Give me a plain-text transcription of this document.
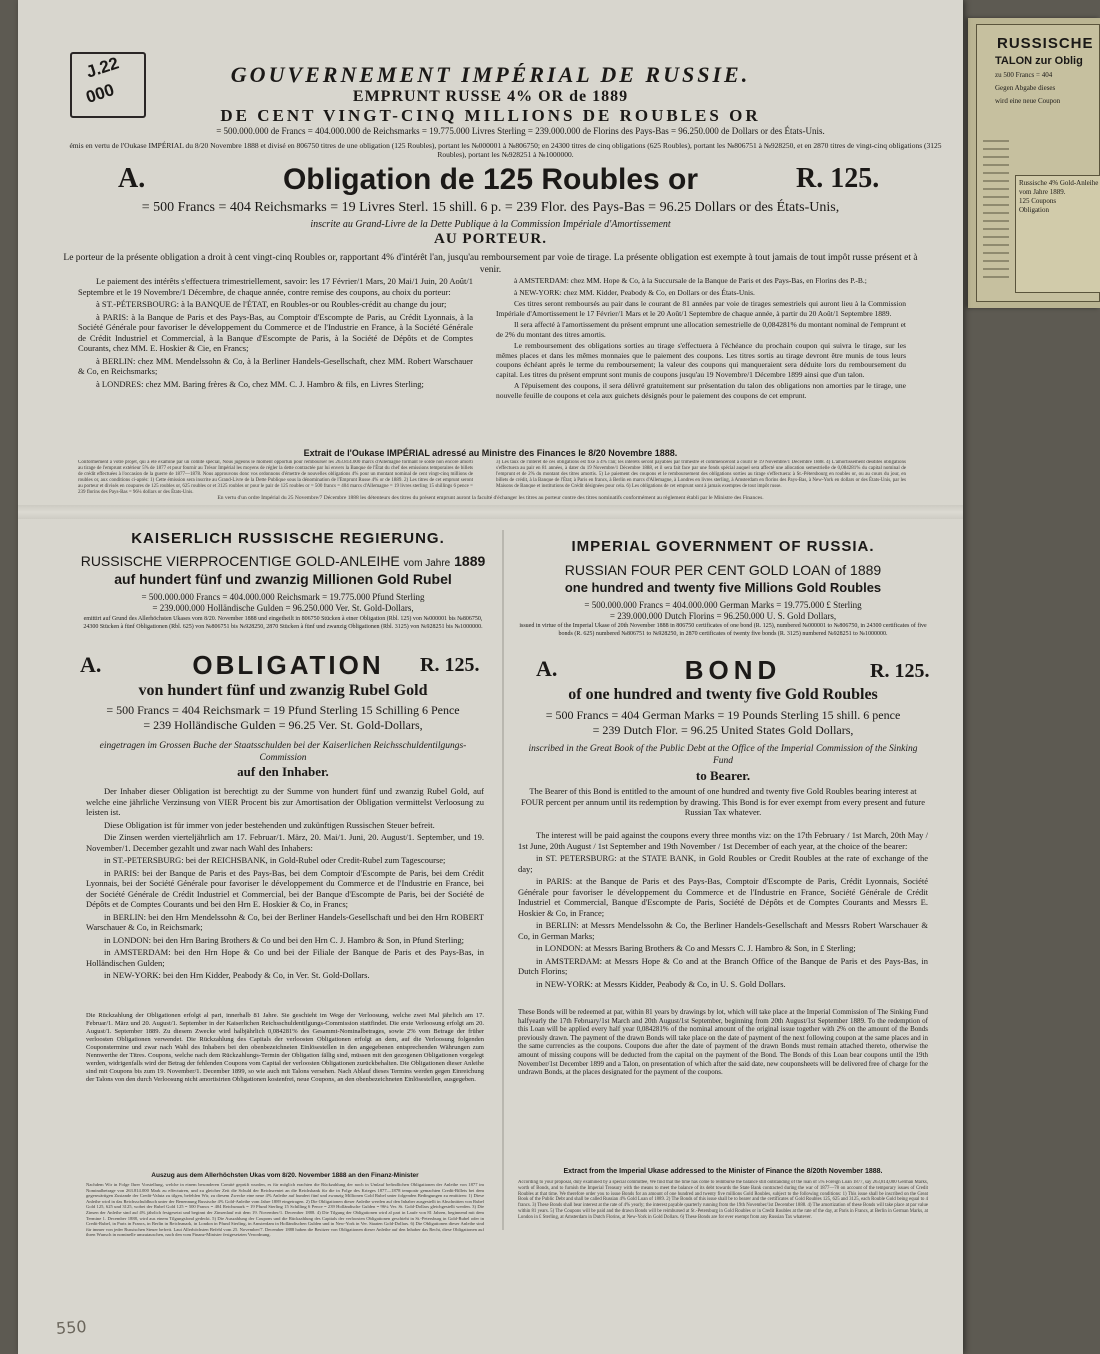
RUSSISCHE
TALON zur Oblig
zu 500 Francs = 404
Gegen Abgabe dieses
wird eine neue Coupon
Russische 4% Gold-Anleihe
vom Jahre 1889.
125 Coupons
Obligation
J.22
000
GOUVERNEMENT IMPÉRIAL DE RUSSIE.
EMPRUNT RUSSE 4% OR de 1889
DE CENT VINGT-CINQ MILLIONS DE ROUBLES OR
= 500.000.000 de Francs = 404.000.000 de Reichsmarks = 19.775.000 Livres Sterling = 239.000.000 de Florins des Pays-Bas = 96.250.000 de Dollars or des États-Unis.
émis en vertu de l'Oukase IMPÉRIAL du 8/20 Novembre 1888 et divisé en 806750 titres de une obligation (125 Roubles), portant les №000001 à №806750; en 24300 titres de cinq obligations (625 Roubles), portant les №806751 à №928250, et en 2870 titres de vingt-cinq obligations (3125 Roubles), portant les №928251 à №1000000.
A.	Obligation de 125 Roubles or	R. 125.
= 500 Francs = 404 Reichsmarks = 19 Livres Sterl. 15 shill. 6 p. = 239 Flor. des Pays-Bas = 96.25 Dollars or des États-Unis,
inscrite au Grand-Livre de la Dette Publique à la Commission Impériale d'Amortissement
AU PORTEUR.
Le porteur de la présente obligation a droit à cent vingt-cinq Roubles or, rapportant 4% d'intérêt l'an, jusqu'au remboursement par voie de tirage. La présente obligation est exempte à tout jamais de tout impôt russe présent et à venir.

Le paiement des intérêts s'effectuera trimestriellement, savoir: les 17 Février/1 Mars, 20 Mai/1 Juin, 20 Août/1 Septembre et le 19 Novembre/1 Décembre, de chaque année, contre remise des coupons, au choix du porteur:

à ST.-PÉTERSBOURG: à la BANQUE de l'ÉTAT, en Roubles-or ou Roubles-crédit au change du jour;

à PARIS: à la Banque de Paris et des Pays-Bas, au Comptoir d'Escompte de Paris, au Crédit Lyonnais, à la Société Générale pour favoriser le développement du Commerce et de l'Industrie en France, à la Société Générale de Crédit Industriel et Commercial, à la Banque d'Escompte de Paris, à la Société de Dépôts et de Comptes Courants, chez MM. E. Hoskier & Cie, en Francs;

à BERLIN: chez MM. Mendelssohn & Co, à la Berliner Handels-Gesellschaft, chez MM. Robert Warschauer & Co, en Reichsmarks;

à LONDRES: chez MM. Baring frères & Co, chez MM. C. J. Hambro & fils, en Livres Sterling;

à AMSTERDAM: chez MM. Hope & Co, à la Succursale de la Banque de Paris et des Pays-Bas, en Florins des P.-B.;

à NEW-YORK: chez MM. Kidder, Peabody & Co, en Dollars or des États-Unis.

Ces titres seront remboursés au pair dans le courant de 81 années par voie de tirages semestriels qui auront lieu à la Commission Impériale d'Amortissement le 17 Février/1 Mars et le 20 Août/1 Septembre de chaque année, à partir du 20 Août/1 Septembre 1889.

Il sera affecté à l'amortissement du présent emprunt une allocation semestrielle de 0,084281% du montant nominal de l'emprunt et de 2% du montant des titres amortis.

Le remboursement des obligations sorties au tirage s'effectuera à l'échéance du prochain coupon qui suivra le tirage, sur les mêmes places et dans les mêmes monnaies que le paiement des coupons. Les titres sortis au tirage devront être munis de tous leurs coupons échéant après le terme du remboursement; la valeur des coupons qui manqueraient sera déduite lors du remboursement du capital. Les titres du présent emprunt sont munis de coupons jusqu'au 19 Novembre/1 Décembre 1899 ainsi que d'un talon.

A l'épuisement des coupons, il sera délivré gratuitement sur présentation du talon des obligations non amorties par le tirage, une nouvelle feuille de coupons et cela aux guichets désignés pour le paiement des coupons de cet emprunt.

Extrait de l'Oukase IMPÉRIAL adressé au Ministre des Finances le 8/20 Novembre 1888.
Conformément à votre projet, qui a été examiné par un comité spécial, Nous jugeons le moment opportun pour rembourser les 263.814.000 marcs d'Allemagne formant le solde non encore amorti au tirage de l'emprunt extérieur 5% de 1877 et pour fournir au Trésor Impérial les moyens de régler la dette contractée par lui envers la Banque de l'État du chef des emissions temporaires de billets de crédit effectuées à l'occasion de la guerre de 1877—1878. Nous approuvons donc vos ordonnons d'émettre de nouvelles obligations 4% pour un montant nominal de cent vingt-cinq millions de roubles or, aux conditions ci-après: 1) Cette émission sera inscrite au Grand-Livre de la Dette Publique sous la dénomination de l'Emprunt Russe 4% or de 1889. 2) Les titres de cet emprunt seront au porteur et divisés en coupures de 125 roubles or, 625 roubles or et 3125 roubles or pour le pair de 125 roubles or = 500 francs = 404 marcs d'Allemagne = 19 livres sterling 15 shillings 6 pence = 239 florins des Pays-Bas = 96¼ dollars or des États-Unis.
3) Les taux de l'intérêt de ces obligations est fixé à 4% l'an; les intérêts seront payables par trimestre et commenceront à courir le 19 Novembre/1 Décembre 1888. 4) L'amortissement desdites obligations s'effectuera au pair en 81 années, à dater du 19 Novembre/1 Décembre 1888, et il sera fait face par une fonds spécial auquel sera affecté une allocation semestrielle de 0,084281% du capital nominal de l'emprunt et de 2% du montant des titres amortis. 5) Le paiement des coupons et le remboursement des obligations sorties au tirage s'effectuera: à St.-Pétersbourg en roubles or, ou au cours du jour, en billets de crédit, à la Banque de l'État; à Paris en francs, à Berlin en marcs d'Allemagne, à Londres en livres sterling, à Amsterdam en florins des Pays-Bas, à New-York en dollars or des États-Unis, par les Maisons de Banque et institutions de Crédit désignées pour cela. 6) Les obligations de cet emprunt sont à jamais exemptes de tout impôt russe.
En vertu d'un ordre Impérial du 25 Novembre/7 Décembre 1888 les détenteurs des titres du présent emprunt auront la faculté d'échanger les titres au porteur contre des titres nominatifs conformément au règlement établi par le Ministre des Finances.
KAISERLICH RUSSISCHE REGIERUNG.
RUSSISCHE VIERPROCENTIGE GOLD-ANLEIHE vom Jahre 1889
auf hundert fünf und zwanzig Millionen Gold Rubel
= 500.000.000 Francs = 404.000.000 Reichsmark = 19.775.000 Pfund Sterling
= 239.000.000 Holländische Gulden = 96.250.000 Ver. St. Gold-Dollars,
emittirt auf Grund des Allerhöchsten Ukases vom 8/20. November 1888 und eingetheilt in 806750 Stücken à einer Obligation (Rbl. 125) von №000001 bis №806750, 24300 Stücken à fünf Obligationen (Rbl. 625) von №806751 bis №928250, 2870 Stücken à fünf und zwanzig Obligationen (Rbl. 3125) von №928251 bis №1000000.
A.	OBLIGATION	R. 125.
von hundert fünf und zwanzig Rubel Gold
= 500 Francs = 404 Reichsmark = 19 Pfund Sterling 15 Schilling 6 Pence
= 239 Holländische Gulden = 96.25 Ver. St. Gold-Dollars,
eingetragen im Grossen Buche der Staatsschulden bei der Kaiserlichen Reichsschuldentilgungs-Commission
auf den Inhaber.

Der Inhaber dieser Obligation ist berechtigt zu der Summe von hundert fünf und zwanzig Rubel Gold, auf welche eine jährliche Verzinsung von VIER Procent bis zur Amortisation der Obligation vermittelst Verloosung zu leisten ist.

Diese Obligation ist für immer von jeder bestehenden und zukünftigen Russischen Steuer befreit.

Die Zinsen werden vierteljährlich am 17. Februar/1. März, 20. Mai/1. Juni, 20. August/1. September, und 19. November/1. December gezahlt und zwar nach Wahl des Inhabers:

in ST.-PETERSBURG: bei der REICHSBANK, in Gold-Rubel oder Credit-Rubel zum Tagescourse;

in PARIS: bei der Banque de Paris et des Pays-Bas, bei dem Comptoir d'Escompte de Paris, bei dem Crédit Lyonnais, bei der Société Générale pour favoriser le développement du Commerce et de l'Industrie en France, bei der Société Générale de Crédit Industriel et Commercial, bei der Banque d'Escompte de Paris, bei der Société de Dépôts et de Comptes Courants und bei den Hrn E. Hoskier & Co, in Francs;

in BERLIN: bei den Hrn Mendelssohn & Co, bei der Berliner Handels-Gesellschaft und bei den Hrn ROBERT Warschauer & Co, in Reichsmark;

in LONDON: bei den Hrn Baring Brothers & Co und bei den Hrn C. J. Hambro & Son, in Pfund Sterling;

in AMSTERDAM: bei den Hrn Hope & Co und bei der Filiale der Banque de Paris et des Pays-Bas, in Holländischen Gulden;

in NEW-YORK: bei den Hrn Kidder, Peabody & Co, in Ver. St. Gold-Dollars.

Die Rückzahlung der Obligationen erfolgt al pari, innerhalb 81 Jahre. Sie geschieht im Wege der Verloosung, welche zwei Mal jährlich am 17. Februar/1. März und 20. August/1. September in der Kaiserlichen Reichsschuldentilgungs-Commission stattfindet. Die erste Verloosung erfolgt am 20. August/1. September 1889. Zu diesem Zwecke wird halbjährlich 0,084281% des Gesammt-Nominalbetrages, sowie 2% vom Betrage der früher verloosten Obligationen verwendet. Die Rückzahlung des Capitals der verloosten Obligationen erfolgt an dem, auf die Verloosung folgenden Couponstermine und zwar nach Wahl des Inhabers bei den obenbezeichneten Einlösestellen in den angegebenen entsprechenden Währungen zum Nennwerthe der Titres. Coupons, welche nach dem Rückzahlungs-Termin der Obligation fällig sind, müssen mit den gezogenen Obligationen vorgelegt werden, widrigenfalls wird der Betrag der fehlenden Coupons vom Capital der verloosten Obligationen zurückbehalten. Die Obligationen dieser Anleihe sind mit Coupons bis zum 19. November/1. December 1899, so wie auch mit Talons versehen. Nach Ablauf dieses Termins werden gegen Einreichung der Talons von den durch Verloosung nicht amortisirten Obligationen kostenfrei, neue Coupons, an den obenbezeichneten Einlösestellen, ausgegeben.
Auszug aus dem Allerhöchsten Ukas vom 8/20. November 1888 an den Finanz-Minister
Nachdem Wir in Folge Ihrer Vorstellung, welche in einem besonderen Comité geprüft wurden, es für möglich erachten die Rückzahlung der noch in Umlauf befindlichen Obligationen der Anleihe von 1877 im Nominalbetrage von 263.814.000 Mark zu effectuiren, und zu gleicher Zeit die Schuld der Reichsrentei an die Reichsbank für die in Folge des Krieges 1877—1878 temporär gemachten Credit-Billets bei dem gegenwärtigen Zustande der Credit-Valuta zu tilgen, befehlen Wir, zu diesem Zwecke eine neue 4% Anleihe auf hundert fünf und zwanzig Millionen Gold Rubel unter folgenden Bedingungen zu emittiren: 1) Diese Anleihe wird in das Reichsschuldbuch unter der Benennung Russische 4% Gold-Anleihe vom Jahre 1889 eingetragen. 2) Die Obligationen dieser Anleihe werden auf den Inhaber ausgestellt in Abschnitten von Rubel Gold 125, 625 und 3125, wobei der Rubel Gold 125 = 500 Francs = 404 Reichsmark = 19 Pfund Sterling 15 Schilling 6 Pence = 239 Holländische Gulden = 96¼ Ver. St. Gold-Dollars gleichgestellt werden. 3) Die Zinsen der Anleihe sind auf 4% jährlich festgesetzt und beginnt der Zinsenlauf mit dem 19. November/1. December 1888. 4) Die Tilgung der Obligationen wird al pari in Laufe von 81 Jahren, beginnend mit dem Termine 1. December 1888, wird aus einem Tilgungsfond gedeckt. 5) Die Auszahlung der Coupons und die Rückzahlung des Capitals der verloosten Obligationen geschieht in St.-Petersburg in Gold-Rubel oder in Credit-Rubel, in Paris in Francs, in Berlin in Reichsmark, in London in Pfund Sterling, in Amsterdam in Holländischen Gulden und in New-York in Ver. Staaten Gold-Dollars. 6) Die Obligationen dieser Anleihe sind für immer von jeder Russischen Steuer befreit. Laut Allerhöchsten Befehl vom 25. November/7. December 1888 haben die Besitzer von Obligationen dieser Anleihe auf den Inhaber das Recht, diese Obligationen auf ihren Wunsch in nominelle umzutauschen, nach den vom Finanz-Minister festgesetzten Verordnung.
IMPERIAL GOVERNMENT OF RUSSIA.
RUSSIAN FOUR PER CENT GOLD LOAN of 1889
one hundred and twenty five Millions Gold Roubles
= 500.000.000 Francs = 404.000.000 German Marks = 19.775.000 £ Sterling
= 239.000.000 Dutch Florins = 96.250.000 U. S. Gold Dollars,
issued in virtue of the Imperial Ukase of 20th November 1888 in 806750 certificates of one bond (R. 125), numbered №000001 to №806750, in 24300 certificates of five bonds (R. 625) numbered №806751 to №928250, in 2870 certificates of twenty five bonds (R. 3125) numbered №928251 to №1000000.
A.	BOND	R. 125.
of one hundred and twenty five Gold Roubles
= 500 Francs = 404 German Marks = 19 Pounds Sterling 15 shill. 6 pence
= 239 Dutch Flor. = 96.25 United States Gold Dollars,
inscribed in the Great Book of the Public Debt at the Office of the Imperial Commission of the Sinking Fund
to Bearer.
The Bearer of this Bond is entitled to the amount of one hundred and twenty five Gold Roubles bearing interest at FOUR percent per annum until its redemption by drawing. This Bond is for ever exempt from every present and future Russian Tax whatever.

The interest will be paid against the coupons every three months viz: on the 17th February / 1st March, 20th May / 1st June, 20th August / 1st September and 19th November / 1st December of each year, at the choice of the bearer:

in ST. PETERSBURG: at the STATE BANK, in Gold Roubles or Credit Roubles at the rate of exchange of the day;

in PARIS: at the Banque de Paris et des Pays-Bas, Comptoir d'Escompte de Paris, Crédit Lyonnais, Société Générale pour favoriser le développement du Commerce et de l'Industrie en France, Société Générale de Crédit Industriel et Commercial, Banque d'Escompte de Paris, Société de Dépôts et de Comptes Courants and Messrs E. Hoskier & Co, in France;

in BERLIN: at Messrs Mendelssohn & Co, the Berliner Handels-Gesellschaft and Messrs Robert Warschauer & Co, in German Marks;

in LONDON: at Messrs Baring Brothers & Co and Messrs C. J. Hambro & Son, in £ Sterling;

in AMSTERDAM: at Messrs Hope & Co and at the Branch Office of the Banque de Paris et des Pays-Bas, in Dutch Florins;

in NEW-YORK: at Messrs Kidder, Peabody & Co, in U. S. Gold Dollars.

These Bonds will be redeemed at par, within 81 years by drawings by lot, which will take place at the Imperial Commission of The Sinking Fund halfyearly the 17th February/1st March and 20th August/1st September, beginning from 20th August/1st September 1889. To the redemption of this Loan will be applied every half year 0,084281% of the nominal amount of the original issue together with 2% on the amount of the Bonds previously drawn. The payment of the drawn Bonds will take place on the date of payment of the next following coupon at the same places and in the same currencies as the coupons. Coupons due after the date of payment of the drawn Bonds must remain attached thereto, otherwise the amount of missing coupons will be deducted from the capital on the payment of the Bond. The Bonds of this Loan bear coupons until the 19th November/1st December 1899 and a Talon, on presentation of which after the said date, new couponsheets will be delivered free of charge for the undrawn Bonds, at the places designated for the payment of the coupons.
Extract from the Imperial Ukase addressed to the Minister of Finance the 8/20th November 1888.
According to your proposal, duly examined by a special committee, We find that the time has come to reimburse the balance still outstanding of the loan of 5% Foreign Loan 1877, say 263,814,000 German Marks, worth of Bonds, and to furnish the Imperial Treasury with the means to meet the balance of its debt towards the State Bank contracted during the war of 1877—78 on account of the temporary issues of Credit Roubles at that time. We therefore order you to issue Bonds for an amount of one hundred and twenty five millions Gold Roubles, subject to the following conditions: 1) This issue shall be inscribed on the Great Book of the Public Debt and shall be called Russian 4% Gold Loan of 1889. 2) The Bonds of this issue shall be to bearer and the certificates of Gold Roubles 125, 625 and 3125, each Rouble Gold being equal to 4 francs. 3) These Bonds shall bear interest at the rate of 4% yearly; the interest payable quarterly running from the 19th November/1st December 1888. 4) The amortization of these Bonds will take place at par value within 81 years. 5) The Coupons will be paid and the drawn Bonds will be reimbursed at St.-Petersburg in Gold Roubles or in Credit Roubles at the rate of the day, at Paris in Francs, at Berlin in German Marks, at London in £ Sterling, at Amsterdam in Dutch Florins, at New-York in Gold Dollars. 6) These Bonds are for ever exempt from any Russian Tax whatever.
550
